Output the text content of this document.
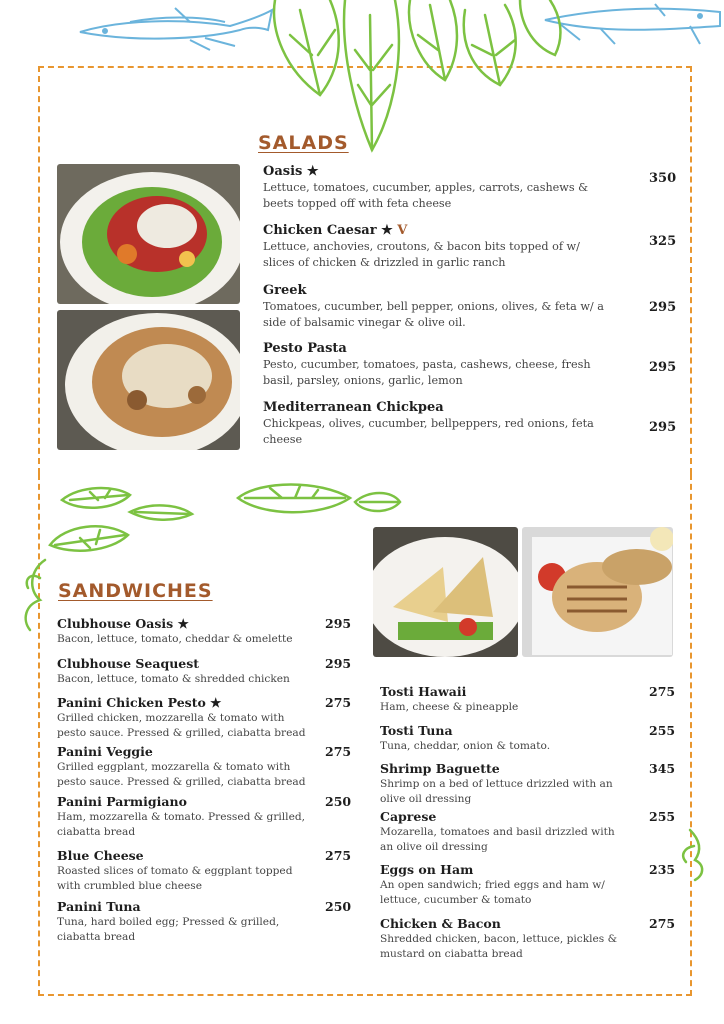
SALADS
Oasis ★
Lettuce, tomatoes, cucumber, apples, carrots, cashews & beets topped off with feta cheese
350
Chicken Caesar ★ V
Lettuce, anchovies, croutons, & bacon bits topped of w/ slices of chicken & drizzled in garlic ranch
325
Greek
Tomatoes, cucumber, bell pepper, onions, olives, & feta w/ a side of balsamic vinegar & olive oil.
295
Pesto Pasta
Pesto, cucumber, tomatoes, pasta, cashews, cheese, fresh basil, parsley, onions, garlic, lemon
295
Mediterranean Chickpea
Chickpeas, olives, cucumber, bellpeppers, red onions, feta cheese
295
SANDWICHES
Clubhouse Oasis ★
Bacon, lettuce, tomato, cheddar & omelette
295
Clubhouse Seaquest
Bacon, lettuce, tomato & shredded chicken
295
Panini Chicken Pesto ★
Grilled chicken, mozzarella & tomato with pesto sauce. Pressed & grilled, ciabatta bread
275
Panini Veggie
Grilled eggplant, mozzarella & tomato with pesto sauce. Pressed & grilled, ciabatta bread
275
Panini Parmigiano
Ham, mozzarella & tomato. Pressed & grilled, ciabatta bread
250
Blue Cheese
Roasted slices of tomato & eggplant topped with crumbled blue cheese
275
Panini Tuna
Tuna, hard boiled egg; Pressed & grilled, ciabatta bread
250
Tosti Hawaii
Ham, cheese & pineapple
275
Tosti Tuna
Tuna, cheddar, onion & tomato.
255
Shrimp Baguette
Shrimp on a bed of lettuce drizzled with an olive oil dressing
345
Caprese
Mozarella, tomatoes and basil drizzled with an olive oil dressing
255
Eggs on Ham
An open sandwich; fried eggs and ham w/ lettuce, cucumber & tomato
235
Chicken & Bacon
Shredded chicken, bacon, lettuce, pickles & mustard on ciabatta bread
275
